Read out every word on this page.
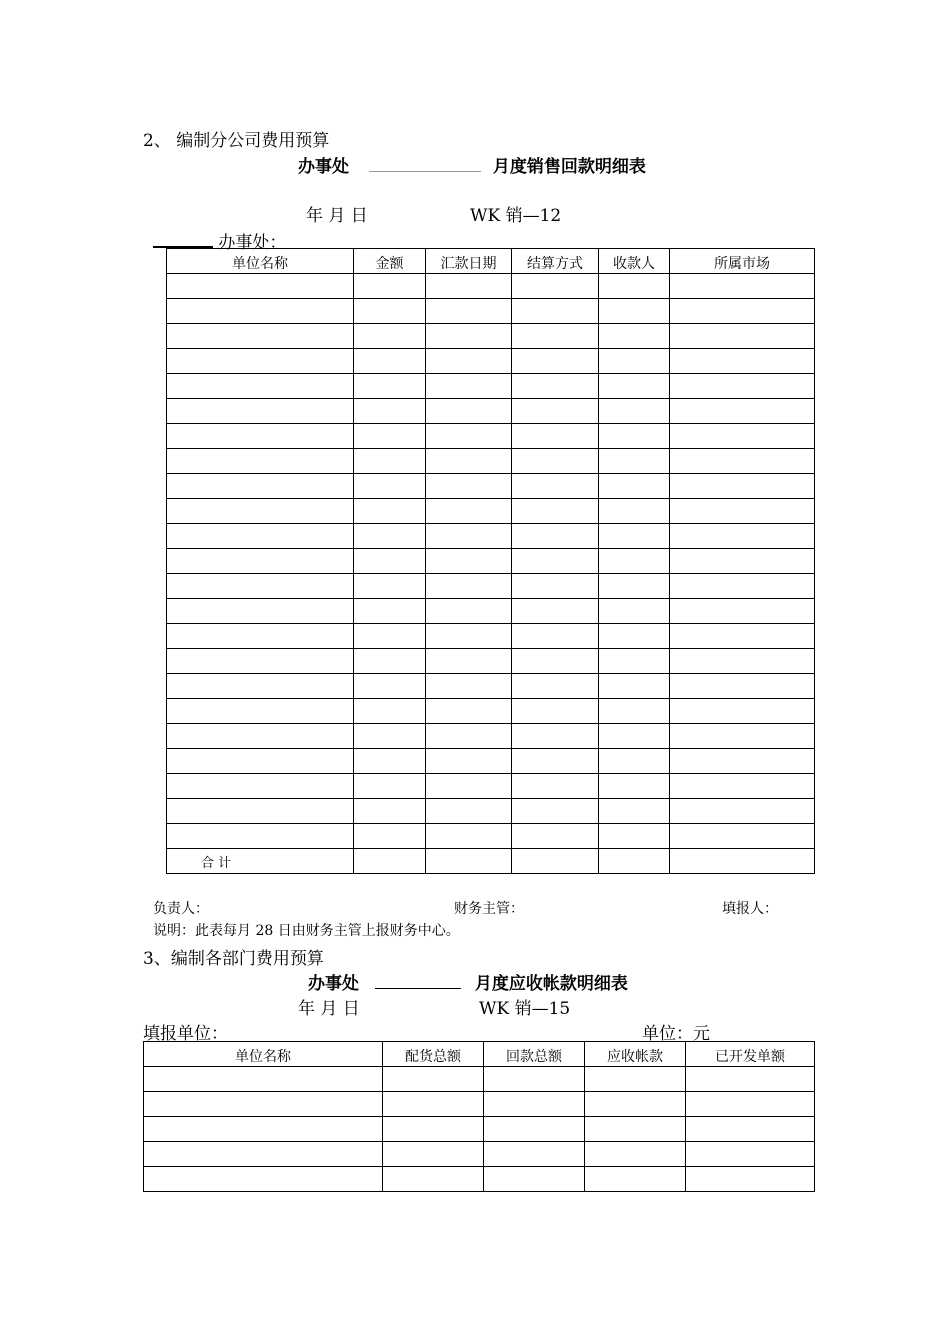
2、 编制分公司费用预算
办事处	月度销售回款明细表
年 月 日	WK 销—12
办事处：
单位名称	金额	汇款日期	结算方式	收款人	所属市场

合 计					
负责人：	财务主管：	填报人：
说明：此表每月 28 日由财务主管上报财务中心。
3、编制各部门费用预算
办事处	月度应收帐款明细表
年 月 日	WK 销—15
填报单位：	单位：元
单位名称	配货总额	回款总额	应收帐款	已开发单额
